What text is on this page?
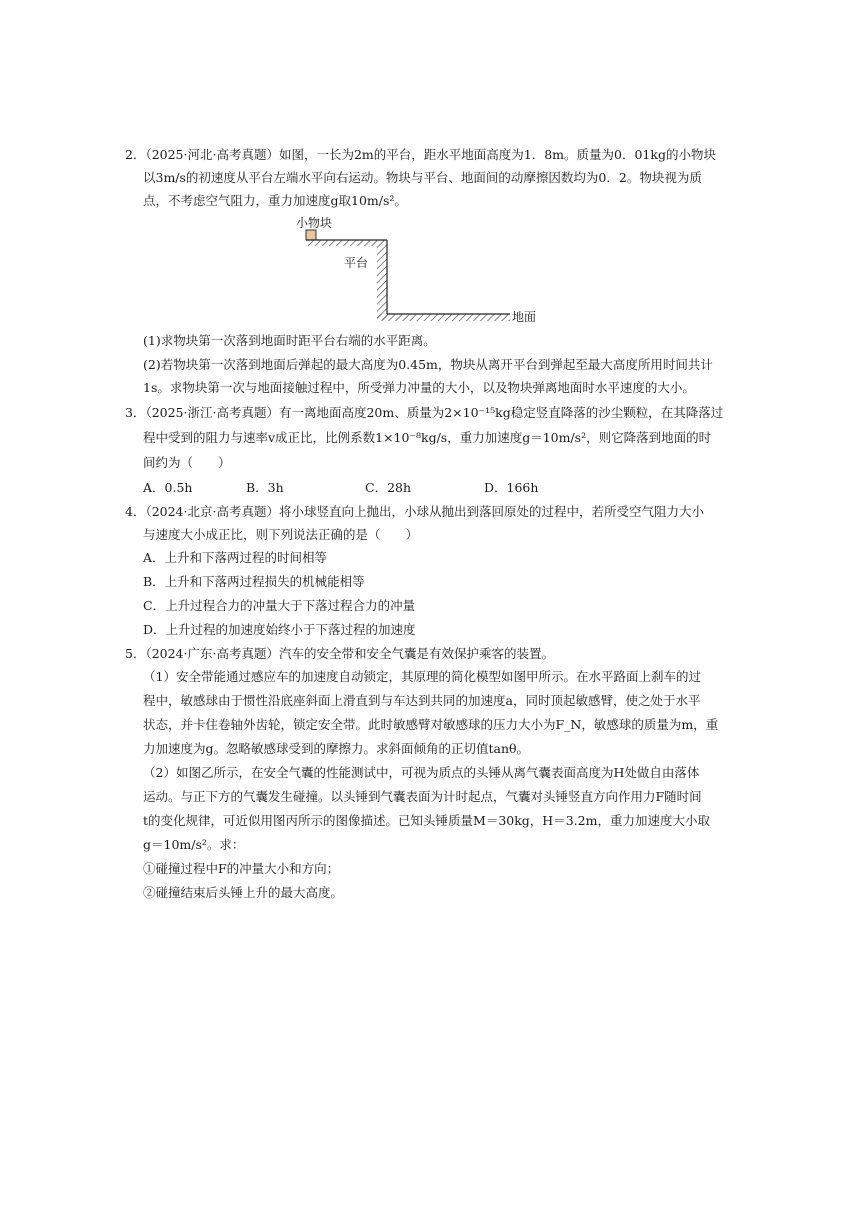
2．（2025·河北·高考真题）如图，一长为2m的平台，距水平地面高度为1．8m。质量为0．01kg的小物块
以3m/s的初速度从平台左端水平向右运动。物块与平台、地面间的动摩擦因数均为0．2。物块视为质
点，不考虑空气阻力，重力加速度g取10m/s²。
小物块
平台
地面
(1)求物块第一次落到地面时距平台右端的水平距离。
(2)若物块第一次落到地面后弹起的最大高度为0.45m，物块从离开平台到弹起至最大高度所用时间共计
1s。求物块第一次与地面接触过程中，所受弹力冲量的大小，以及物块弹离地面时水平速度的大小。
3．（2025·浙江·高考真题）有一离地面高度20m、质量为2×10⁻¹⁵kg稳定竖直降落的沙尘颗粒，在其降落过
程中受到的阻力与速率v成正比，比例系数1×10⁻⁸kg/s，重力加速度g＝10m/s²，则它降落到地面的时
间约为（　　）
A．0.5h	B．3h	C．28h	D．166h
4．（2024·北京·高考真题）将小球竖直向上抛出，小球从抛出到落回原处的过程中，若所受空气阻力大小
与速度大小成正比，则下列说法正确的是（　　）
A．上升和下落两过程的时间相等
B．上升和下落两过程损失的机械能相等
C．上升过程合力的冲量大于下落过程合力的冲量
D．上升过程的加速度始终小于下落过程的加速度
5．（2024·广东·高考真题）汽车的安全带和安全气囊是有效保护乘客的装置。
（1）安全带能通过感应车的加速度自动锁定，其原理的简化模型如图甲所示。在水平路面上刹车的过
程中，敏感球由于惯性沿底座斜面上滑直到与车达到共同的加速度a，同时顶起敏感臂，使之处于水平
状态，并卡住卷轴外齿轮，锁定安全带。此时敏感臂对敏感球的压力大小为F_N，敏感球的质量为m，重
力加速度为g。忽略敏感球受到的摩擦力。求斜面倾角的正切值tanθ。
（2）如图乙所示，在安全气囊的性能测试中，可视为质点的头锤从离气囊表面高度为H处做自由落体
运动。与正下方的气囊发生碰撞。以头锤到气囊表面为计时起点，气囊对头锤竖直方向作用力F随时间
t的变化规律，可近似用图丙所示的图像描述。已知头锤质量M＝30kg，H＝3.2m，重力加速度大小取
g＝10m/s²。求：
①碰撞过程中F的冲量大小和方向；
②碰撞结束后头锤上升的最大高度。
